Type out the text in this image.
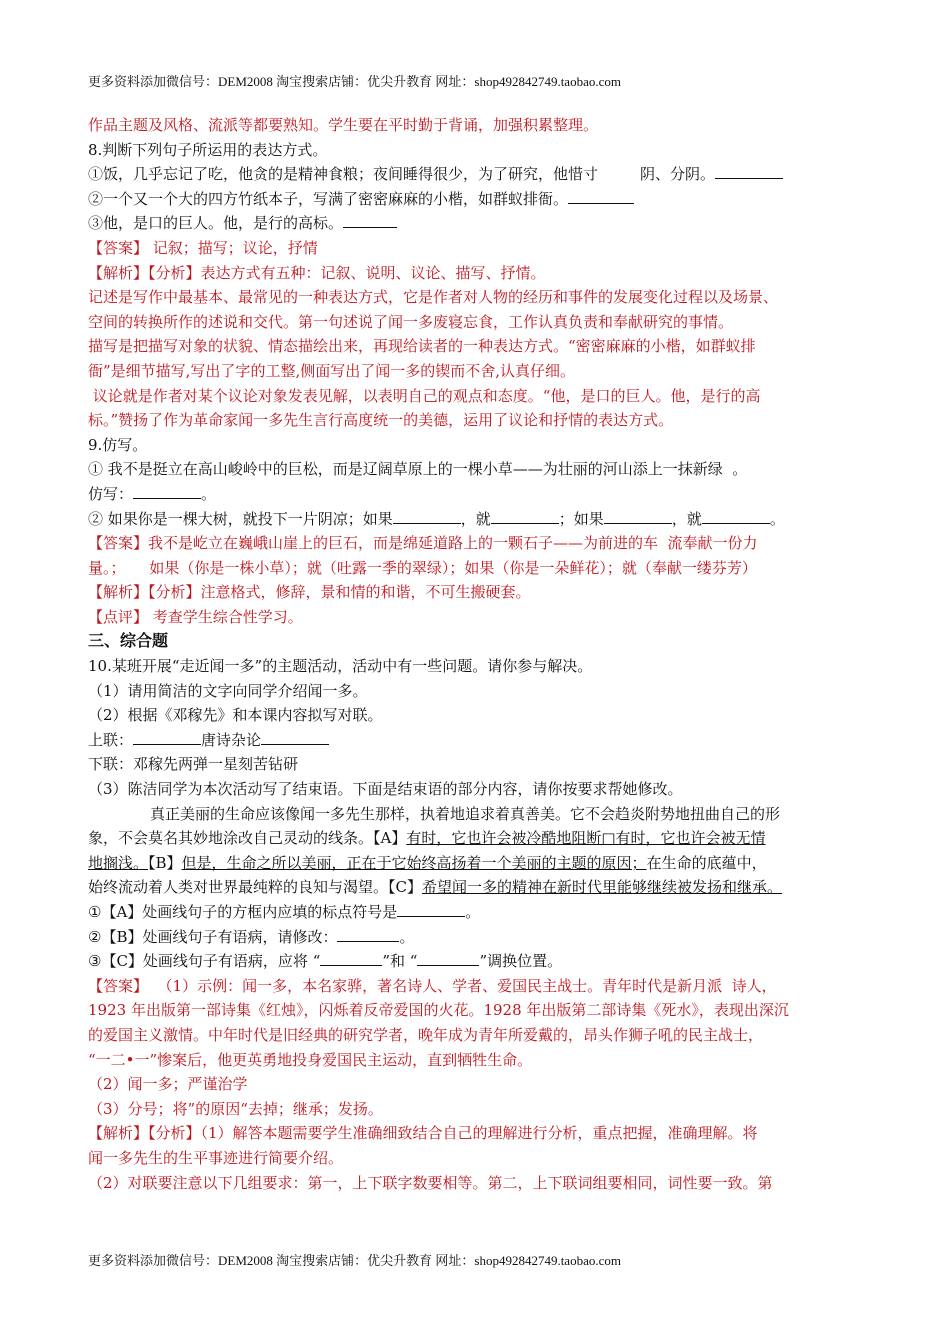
更多资料添加微信号：DEM2008 淘宝搜索店铺：优尖升教育 网址：shop492842749.taobao.com
作品主题及风格、流派等都要熟知。学生要在平时勤于背诵，加强积累整理。
8.判断下列句子所运用的表达方式。
①饭，几乎忘记了吃，他贪的是精神食粮；夜间睡得很少，为了研究，他惜寸	阴、分阴。
②一个又一个大的四方竹纸本子，写满了密密麻麻的小楷，如群蚁排衙。
③他，是口的巨人。他，是行的高标。
【答案】 记叙；描写；议论，抒情
【解析】【分析】表达方式有五种：记叙、说明、议论、描写、抒情。
记述是写作中最基本、最常见的一种表达方式，它是作者对人物的经历和事件的发展变化过程以及场景、
空间的转换所作的述说和交代。第一句述说了闻一多废寝忘食，工作认真负责和奉献研究的事情。
描写是把描写对象的状貌、情态描绘出来，再现给读者的一种表达方式。“密密麻麻的小楷，如群蚁排
衙”是细节描写,写出了字的工整,侧面写出了闻一多的锲而不舍,认真仔细。
议论就是作者对某个议论对象发表见解，以表明自己的观点和态度。“他，是口的巨人。他，是行的高
标。”赞扬了作为革命家闻一多先生言行高度统一的美德，运用了议论和抒情的表达方式。
9.仿写。
① 我不是挺立在高山峻岭中的巨松，而是辽阔草原上的一棵小草——为壮丽的河山添上一抹新绿  。
仿写：	。
② 如果你是一棵大树，就投下一片阴凉；如果	，就	；如果	，就	。
【答案】我不是屹立在巍峨山崖上的巨石，而是绵延道路上的一颗石子——为前进的车  流奉献一份力
量。；     如果（你是一株小草）；就（吐露一季的翠绿）；如果（你是一朵鲜花）；就（奉献一缕芬芳）
【解析】【分析】注意格式，修辞，景和情的和谐，不可生搬硬套。
【点评】 考查学生综合性学习。
三、综合题
10.某班开展“走近闻一多”的主题活动，活动中有一些问题。请你参与解决。
（1）请用简洁的文字向同学介绍闻一多。
（2）根据《邓稼先》和本课内容拟写对联。
上联：	唐诗杂论
下联：邓稼先两弹一星刻苦钻研
（3）陈洁同学为本次活动写了结束语。下面是结束语的部分内容，请你按要求帮她修改。
真正美丽的生命应该像闻一多先生那样，执着地追求着真善美。它不会趋炎附势地扭曲自己的形
象，不会莫名其妙地涂改自己灵动的线条。【A】有时，它也许会被冷酷地阻断□有时，它也许会被无情
地搁浅。【B】但是，生命之所以美丽，正在于它始终高扬着一个美丽的主题的原因；在生命的底蕴中，
始终流动着人类对世界最纯粹的良知与渴望。【C】希望闻一多的精神在新时代里能够继续被发扬和继承。
①【A】处画线句子的方框内应填的标点符号是	。
②【B】处画线句子有语病，请修改：	。
③【C】处画线句子有语病，应将 “	”和 “	”调换位置。
【答案】  （1）示例：闻一多，本名家骅，著名诗人、学者、爱国民主战士。青年时代是新月派  诗人，
1923 年出版第一部诗集《红烛》，闪烁着反帝爱国的火花。1928 年出版第二部诗集《死水》，表现出深沉
的爱国主义激情。中年时代是旧经典的研究学者，晚年成为青年所爱戴的，昂头作狮子吼的民主战士，
“一二•一”惨案后，他更英勇地投身爱国民主运动，直到牺牲生命。
（2）闻一多；严谨治学
（3）分号；将”的原因“去掉；继承；发扬。
【解析】【分析】（1）解答本题需要学生准确细致结合自己的理解进行分析，重点把握，准确理解。将
闻一多先生的生平事迹进行简要介绍。
（2）对联要注意以下几组要求：第一，上下联字数要相等。第二，上下联词组要相同，词性要一致。第
更多资料添加微信号：DEM2008 淘宝搜索店铺：优尖升教育 网址：shop492842749.taobao.com
